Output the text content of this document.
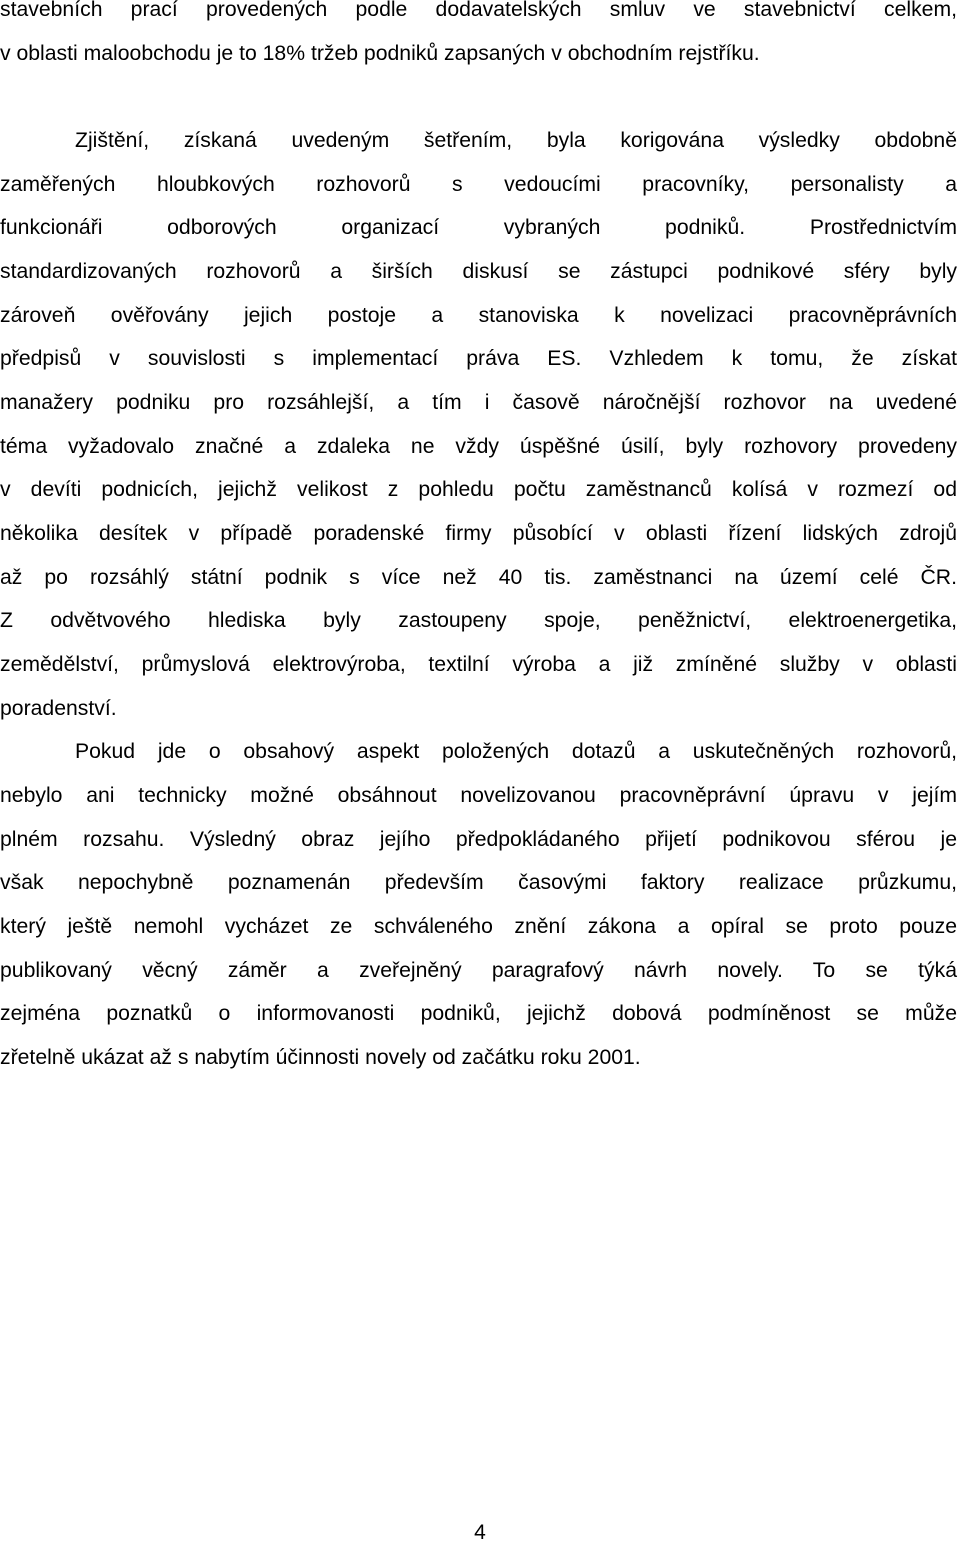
stavebních prací provedených podle dodavatelských smluv ve stavebnictví celkem,
v oblasti maloobchodu je to 18% tržeb podniků zapsaných v obchodním rejstříku.
Zjištění, získaná uvedeným šetřením, byla korigována výsledky obdobně
zaměřených hloubkových rozhovorů s vedoucími pracovníky, personalisty a
funkcionáři odborových organizací vybraných podniků. Prostřednictvím
standardizovaných rozhovorů a širších diskusí se zástupci podnikové sféry byly
zároveň ověřovány jejich postoje a stanoviska k novelizaci pracovněprávních
předpisů v souvislosti s implementací práva ES. Vzhledem k tomu, že získat
manažery podniku pro rozsáhlejší, a tím i časově náročnější rozhovor na uvedené
téma vyžadovalo značné a zdaleka ne vždy úspěšné úsilí, byly rozhovory provedeny
v devíti podnicích, jejichž velikost z pohledu počtu zaměstnanců kolísá v rozmezí od
několika desítek v případě poradenské firmy působící v oblasti řízení lidských zdrojů
až po rozsáhlý státní podnik s více než 40 tis. zaměstnanci na území celé ČR.
Z odvětvového hlediska byly zastoupeny spoje, peněžnictví, elektroenergetika,
zemědělství, průmyslová elektrovýroba, textilní výroba a již zmíněné služby v oblasti
poradenství.
Pokud jde o obsahový aspekt položených dotazů a uskutečněných rozhovorů,
nebylo ani technicky možné obsáhnout novelizovanou pracovněprávní úpravu v jejím
plném rozsahu. Výsledný obraz jejího předpokládaného přijetí podnikovou sférou je
však nepochybně poznamenán především časovými faktory realizace průzkumu,
který ještě nemohl vycházet ze schváleného znění zákona a opíral se proto pouze
publikovaný věcný záměr a zveřejněný paragrafový návrh novely. To se týká
zejména poznatků o informovanosti podniků, jejichž dobová podmíněnost se může
zřetelně ukázat až s nabytím účinnosti novely od začátku roku 2001.
4
